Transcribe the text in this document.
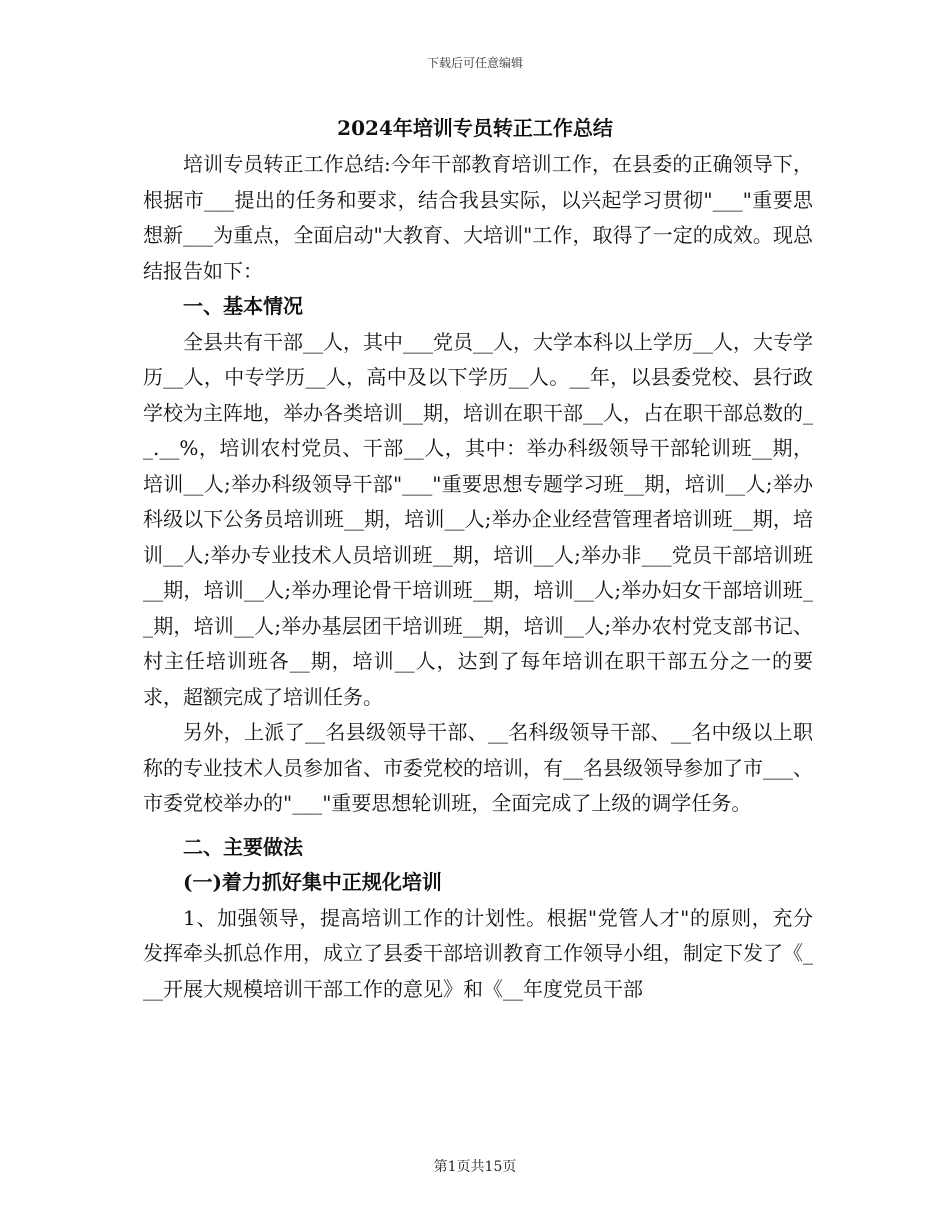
下载后可任意编辑
2024年培训专员转正工作总结

培训专员转正工作总结:今年干部教育培训工作，在县委的正确领导下，根据市___提出的任务和要求，结合我县实际，以兴起学习贯彻"___"重要思想新___为重点，全面启动"大教育、大培训"工作，取得了一定的成效。现总结报告如下：

一、基本情况

全县共有干部__人，其中___党员__人，大学本科以上学历__人，大专学历__人，中专学历__人，高中及以下学历__人。__年，以县委党校、县行政学校为主阵地，举办各类培训__期，培训在职干部__人，占在职干部总数的__.__%，培训农村党员、干部__人，其中：举办科级领导干部轮训班__期，培训__人;举办科级领导干部"___"重要思想专题学习班__期，培训__人;举办科级以下公务员培训班__期，培训__人;举办企业经营管理者培训班__期，培训__人;举办专业技术人员培训班__期，培训__人;举办非___党员干部培训班__期，培训__人;举办理论骨干培训班__期，培训__人;举办妇女干部培训班__期，培训__人;举办基层团干培训班__期，培训__人;举办农村党支部书记、村主任培训班各__期，培训__人，达到了每年培训在职干部五分之一的要求，超额完成了培训任务。

另外，上派了__名县级领导干部、__名科级领导干部、__名中级以上职称的专业技术人员参加省、市委党校的培训，有__名县级领导参加了市___、市委党校举办的"___"重要思想轮训班，全面完成了上级的调学任务。

二、主要做法

(一)着力抓好集中正规化培训

1、加强领导，提高培训工作的计划性。根据"党管人才"的原则，充分发挥牵头抓总作用，成立了县委干部培训教育工作领导小组，制定下发了《___开展大规模培训干部工作的意见》和《__年度党员干部

第1页共15页
